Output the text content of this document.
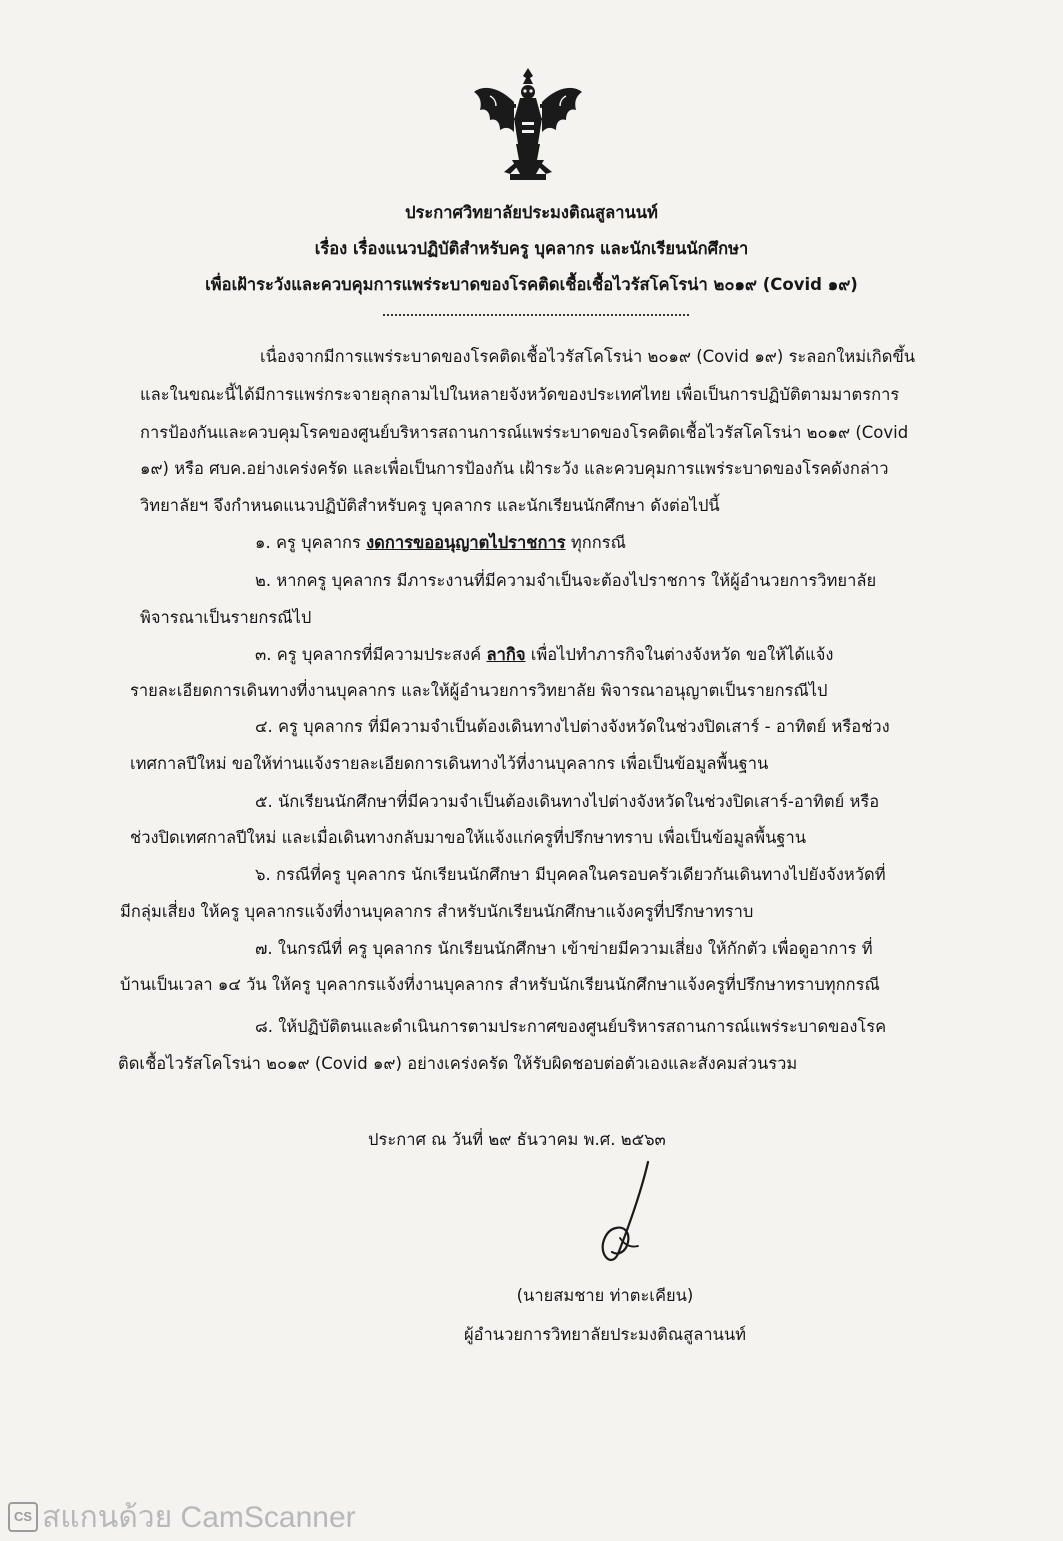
ประกาศวิทยาลัยประมงติณสูลานนท์
เรื่อง เรื่องแนวปฏิบัติสำหรับครู บุคลากร และนักเรียนนักศึกษา
เพื่อเฝ้าระวังและควบคุมการแพร่ระบาดของโรคติดเชื้อเชื้อไวรัสโคโรน่า ๒๐๑๙ (Covid ๑๙)
เนื่องจากมีการแพร่ระบาดของโรคติดเชื้อไวรัสโคโรน่า ๒๐๑๙ (Covid ๑๙) ระลอกใหม่เกิดขึ้น
และในขณะนี้ได้มีการแพร่กระจายลุกลามไปในหลายจังหวัดของประเทศไทย เพื่อเป็นการปฏิบัติตามมาตรการ
การป้องกันและควบคุมโรคของศูนย์บริหารสถานการณ์แพร่ระบาดของโรคติดเชื้อไวรัสโคโรน่า ๒๐๑๙ (Covid
๑๙) หรือ ศบค.อย่างเคร่งครัด และเพื่อเป็นการป้องกัน เฝ้าระวัง และควบคุมการแพร่ระบาดของโรคดังกล่าว
วิทยาลัยฯ จึงกำหนดแนวปฏิบัติสำหรับครู บุคลากร และนักเรียนนักศึกษา ดังต่อไปนี้
๑. ครู บุคลากร งดการขออนุญาตไปราชการ ทุกกรณี
๒. หากครู บุคลากร มีภาระงานที่มีความจำเป็นจะต้องไปราชการ ให้ผู้อำนวยการวิทยาลัย
พิจารณาเป็นรายกรณีไป
๓. ครู บุคลากรที่มีความประสงค์ ลากิจ เพื่อไปทำภารกิจในต่างจังหวัด ขอให้ได้แจ้ง
รายละเอียดการเดินทางที่งานบุคลากร และให้ผู้อำนวยการวิทยาลัย พิจารณาอนุญาตเป็นรายกรณีไป
๔. ครู บุคลากร ที่มีความจำเป็นต้องเดินทางไปต่างจังหวัดในช่วงปิดเสาร์ - อาทิตย์ หรือช่วง
เทศกาลปีใหม่ ขอให้ท่านแจ้งรายละเอียดการเดินทางไว้ที่งานบุคลากร เพื่อเป็นข้อมูลพื้นฐาน
๕. นักเรียนนักศึกษาที่มีความจำเป็นต้องเดินทางไปต่างจังหวัดในช่วงปิดเสาร์-อาทิตย์ หรือ
ช่วงปิดเทศกาลปีใหม่ และเมื่อเดินทางกลับมาขอให้แจ้งแก่ครูที่ปรึกษาทราบ เพื่อเป็นข้อมูลพื้นฐาน
๖. กรณีที่ครู บุคลากร นักเรียนนักศึกษา มีบุคคลในครอบครัวเดียวกันเดินทางไปยังจังหวัดที่
มีกลุ่มเสี่ยง ให้ครู บุคลากรแจ้งที่งานบุคลากร สำหรับนักเรียนนักศึกษาแจ้งครูที่ปรึกษาทราบ
๗. ในกรณีที่ ครู บุคลากร นักเรียนนักศึกษา เข้าข่ายมีความเสี่ยง ให้กักตัว เพื่อดูอาการ ที่
บ้านเป็นเวลา ๑๔ วัน ให้ครู บุคลากรแจ้งที่งานบุคลากร สำหรับนักเรียนนักศึกษาแจ้งครูที่ปรึกษาทราบทุกกรณี
๘. ให้ปฏิบัติตนและดำเนินการตามประกาศของศูนย์บริหารสถานการณ์แพร่ระบาดของโรค
ติดเชื้อไวรัสโคโรน่า ๒๐๑๙ (Covid ๑๙) อย่างเคร่งครัด ให้รับผิดชอบต่อตัวเองและสังคมส่วนรวม
ประกาศ ณ วันที่ ๒๙ ธันวาคม พ.ศ. ๒๕๖๓
(นายสมชาย ท่าตะเคียน)
ผู้อำนวยการวิทยาลัยประมงติณสูลานนท์
CS สแกนด้วย CamScanner
